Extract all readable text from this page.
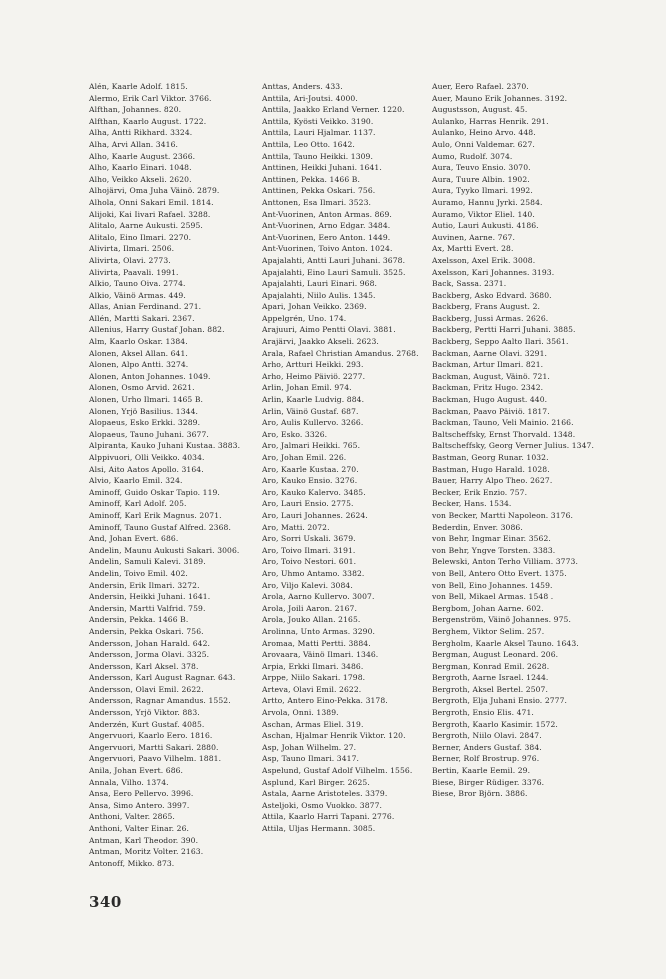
Alén, Kaarle Adolf. 1815.
Alermo, Erik Carl Viktor. 3766.
Alfthan, Johannes. 820.
Alfthan, Kaarlo August. 1722.
Alha, Antti Rikhard. 3324.
Alha, Arvi Allan. 3416.
Alho, Kaarle August. 2366.
Alho, Kaarlo Einari. 1048.
Alho, Veikko Akseli. 2620.
Alhojärvi, Oma Juha Väinö. 2879.
Alhola, Onni Sakari Emil. 1814.
Alijoki, Kai Iivari Rafael. 3288.
Alitalo, Aarne Aukusti. 2595.
Alitalo, Eino Ilmari. 2270.
Alivirta, Ilmari. 2506.
Alivirta, Olavi. 2773.
Alivirta, Paavali. 1991.
Alkio, Tauno Oiva. 2774.
Alkio, Väinö Armas. 449.
Allas, Anian Ferdinand. 271.
Allén, Martti Sakari. 2367.
Allenius, Harry Gustaf Johan. 882.
Alm, Kaarlo Oskar. 1384.
Alonen, Aksel Allan. 641.
Alonen, Alpo Antti. 3274.
Alonen, Anton Johannes. 1049.
Alonen, Osmo Arvid. 2621.
Alonen, Urho Ilmari. 1465 B.
Alonen, Yrjö Basilius. 1344.
Alopaeus, Esko Erkki. 3289.
Alopaeus, Tauno Juhani. 3677.
Alpiranta, Kauko Juhani Kustaa. 3883.
Alppivuori, Olli Veikko. 4034.
Alsi, Aito Aatos Apollo. 3164.
Alvio, Kaarlo Emil. 324.
Aminoff, Guido Oskar Tapio. 119.
Aminoff, Karl Adolf. 205.
Aminoff, Karl Erik Magnus. 2071.
Aminoff, Tauno Gustaf Alfred. 2368.
And, Johan Evert. 686.
Andelin, Maunu Aukusti Sakari. 3006.
Andelin, Samuli Kalevi. 3189.
Andelin, Toivo Emil. 402.
Andersin, Erik Ilmari. 3272.
Andersin, Heikki Juhani. 1641.
Andersin, Martti Valfrid. 759.
Andersin, Pekka. 1466 B.
Andersin, Pekka Oskari. 756.
Andersson, Johan Harald. 642.
Andersson, Jorma Olavi. 3325.
Andersson, Karl Aksel. 378.
Andersson, Karl August Ragnar. 643.
Andersson, Olavi Emil. 2622.
Andersson, Ragnar Amandus. 1552.
Andersson, Yrjö Viktor. 883.
Anderzén, Kurt Gustaf. 4085.
Angervuori, Kaarlo Eero. 1816.
Angervuori, Martti Sakari. 2880.
Angervuori, Paavo Vilhelm. 1881.
Anila, Johan Evert. 686.
Annala, Vilho. 1374.
Ansa, Eero Pellervo. 3996.
Ansa, Simo Antero. 3997.
Anthoni, Valter. 2865.
Anthoni, Valter Einar. 26.
Antman, Karl Theodor. 390.
Antman, Moritz Volter. 2163.
Antonoff, Mikko. 873.
Anttas, Anders. 433.
Anttila, Ari-Joutsi. 4000.
Anttila, Jaakko Erland Verner. 1220.
Anttila, Kyösti Veikko. 3190.
Anttila, Lauri Hjalmar. 1137.
Anttila, Leo Otto. 1642.
Anttila, Tauno Heikki. 1309.
Anttinen, Heikki Juhani. 1641.
Anttinen, Pekka. 1466 B.
Anttinen, Pekka Oskari. 756.
Anttonen, Esa Ilmari. 3523.
Ant-Vuorinen, Anton Armas. 869.
Ant-Vuorinen, Arno Edgar. 3484.
Ant-Vuorinen, Eero Anton. 1449.
Ant-Vuorinen, Toivo Anton. 1024.
Apajalahti, Antti Lauri Juhani. 3678.
Apajalahti, Eino Lauri Samuli. 3525.
Apajalahti, Lauri Einari. 968.
Apajalahti, Niilo Aulis. 1345.
Apari, Johan Veikko. 2369.
Appelgrén, Uno. 174.
Arajuuri, Aimo Pentti Olavi. 3881.
Arajärvi, Jaakko Akseli. 2623.
Arala, Rafael Christian Amandus. 2768.
Arho, Artturi Heikki. 293.
Arho, Heimo Päiviö. 2277.
Arlin, Johan Emil. 974.
Arlin, Kaarle Ludvig. 884.
Arlin, Väinö Gustaf. 687.
Aro, Aulis Kullervo. 3266.
Aro, Esko. 3326.
Aro, Jalmari Heikki. 765.
Aro, Johan Emil. 226.
Aro, Kaarle Kustaa. 270.
Aro, Kauko Ensio. 3276.
Aro, Kauko Kalervo. 3485.
Aro, Lauri Ensio. 2775.
Aro, Lauri Johannes. 2624.
Aro, Matti. 2072.
Aro, Sorri Uskali. 3679.
Aro, Toivo Ilmari. 3191.
Aro, Toivo Nestori. 601.
Aro, Uhmo Antamo. 3382.
Aro, Viljo Kalevi. 3084.
Arola, Aarno Kullervo. 3007.
Arola, Joili Aaron. 2167.
Arola, Jouko Allan. 2165.
Arolinna, Unto Armas. 3290.
Aromaa, Matti Pertti. 3884.
Arovaara, Väinö Ilmari. 1346.
Arpia, Erkki Ilmari. 3486.
Arppe, Niilo Sakari. 1798.
Arteva, Olavi Emil. 2622.
Artto, Antero Eino-Pekka. 3178.
Arvola, Onni. 1389.
Aschan, Armas Eliel. 319.
Aschan, Hjalmar Henrik Viktor. 120.
Asp, Johan Wilhelm. 27.
Asp, Tauno Ilmari. 3417.
Aspelund, Gustaf Adolf Vilhelm. 1556.
Asplund, Karl Birger. 2625.
Astala, Aarne Aristoteles. 3379.
Asteljoki, Osmo Vuokko. 3877.
Attila, Kaarlo Harri Tapani. 2776.
Attila, Uljas Hermann. 3085.
Auer, Eero Rafael. 2370.
Auer, Mauno Erik Johannes. 3192.
Augustsson, August. 45.
Aulanko, Harras Henrik. 291.
Aulanko, Heino Arvo. 448.
Aulo, Onni Valdemar. 627.
Aumo, Rudolf. 3074.
Aura, Teuvo Ensio. 3070.
Aura, Tuure Albin. 1902.
Aura, Tyyko Ilmari. 1992.
Auramo, Hannu Jyrki. 2584.
Auramo, Viktor Eliel. 140.
Autio, Lauri Aukusti. 4186.
Auvinen, Aarne. 767.
Ax, Martti Evert. 28.
Axelsson, Axel Erik. 3008.
Axelsson, Kari Johannes. 3193.
Back, Sassa. 2371.
Backberg, Asko Edvard. 3680.
Backberg, Frans August. 2.
Backberg, Jussi Armas. 2626.
Backberg, Pertti Harri Juhani. 3885.
Backberg, Seppo Aalto Ilari. 3561.
Backman, Aarne Olavi. 3291.
Backman, Artur Ilmari. 821.
Backman, August, Väinö. 721.
Backman, Fritz Hugo. 2342.
Backman, Hugo August. 440.
Backman, Paavo Päiviö. 1817.
Backman, Tauno, Veli Mainio. 2166.
Baltscheffsky, Ernst Thorvald. 1348.
Baltscheffsky, Georg Verner Julius. 1347.
Bastman, Georg Runar. 1032.
Bastman, Hugo Harald. 1028.
Bauer, Harry Alpo Theo. 2627.
Becker, Erik Enzio. 757.
Becker, Hans. 1534.
von Becker, Martti Napoleon. 3176.
Bederdin, Enver. 3086.
von Behr, Ingmar Einar. 3562.
von Behr, Yngve Torsten. 3383.
Belewski, Anton Terho Villiam. 3773.
von Bell, Antero Otto Evert. 1375.
von Bell, Eino Johannes. 1459.
von Bell, Mikael Armas. 1548 .
Bergbom, Johan Aarne. 602.
Bergenström, Väinö Johannes. 975.
Berghem, Viktor Selim. 257.
Bergholm, Kaarle Aksel Tauno. 1643.
Bergman, August Leonard. 206.
Bergman, Konrad Emil. 2628.
Bergroth, Aarne Israel. 1244.
Bergroth, Aksel Bertel. 2507.
Bergroth, Elja Juhani Ensio. 2777.
Bergroth, Ensio Elis. 471.
Bergroth, Kaarlo Kasimir. 1572.
Bergroth, Niilo Olavi. 2847.
Berner, Anders Gustaf. 384.
Berner, Rolf Brostrup. 976.
Bertin, Kaarle Eemil. 29.
Biese, Birger Rüdiger. 3376.
Biese, Bror Björn. 3886.
340
